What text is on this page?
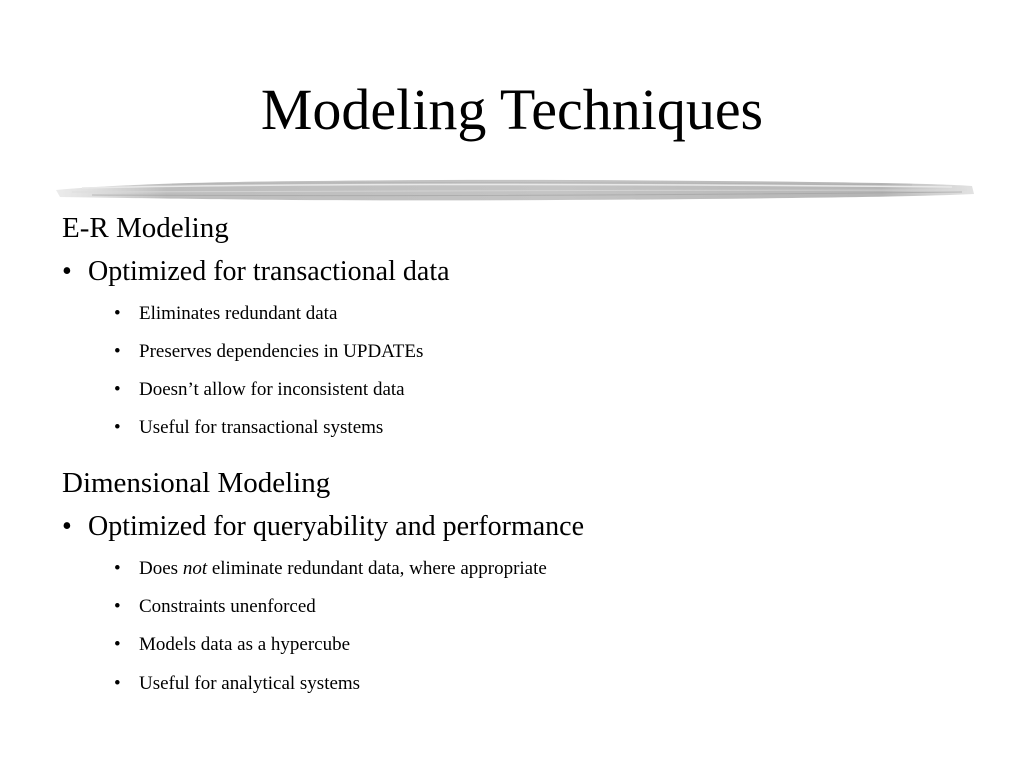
Modeling Techniques
E-R Modeling
• Optimized for transactional data
• Eliminates redundant data
• Preserves dependencies in UPDATEs
• Doesn’t allow for inconsistent data
• Useful for transactional systems
Dimensional Modeling
• Optimized for queryability and performance
• Does not eliminate redundant data, where appropriate
• Constraints unenforced
• Models data as a hypercube
• Useful for analytical systems
